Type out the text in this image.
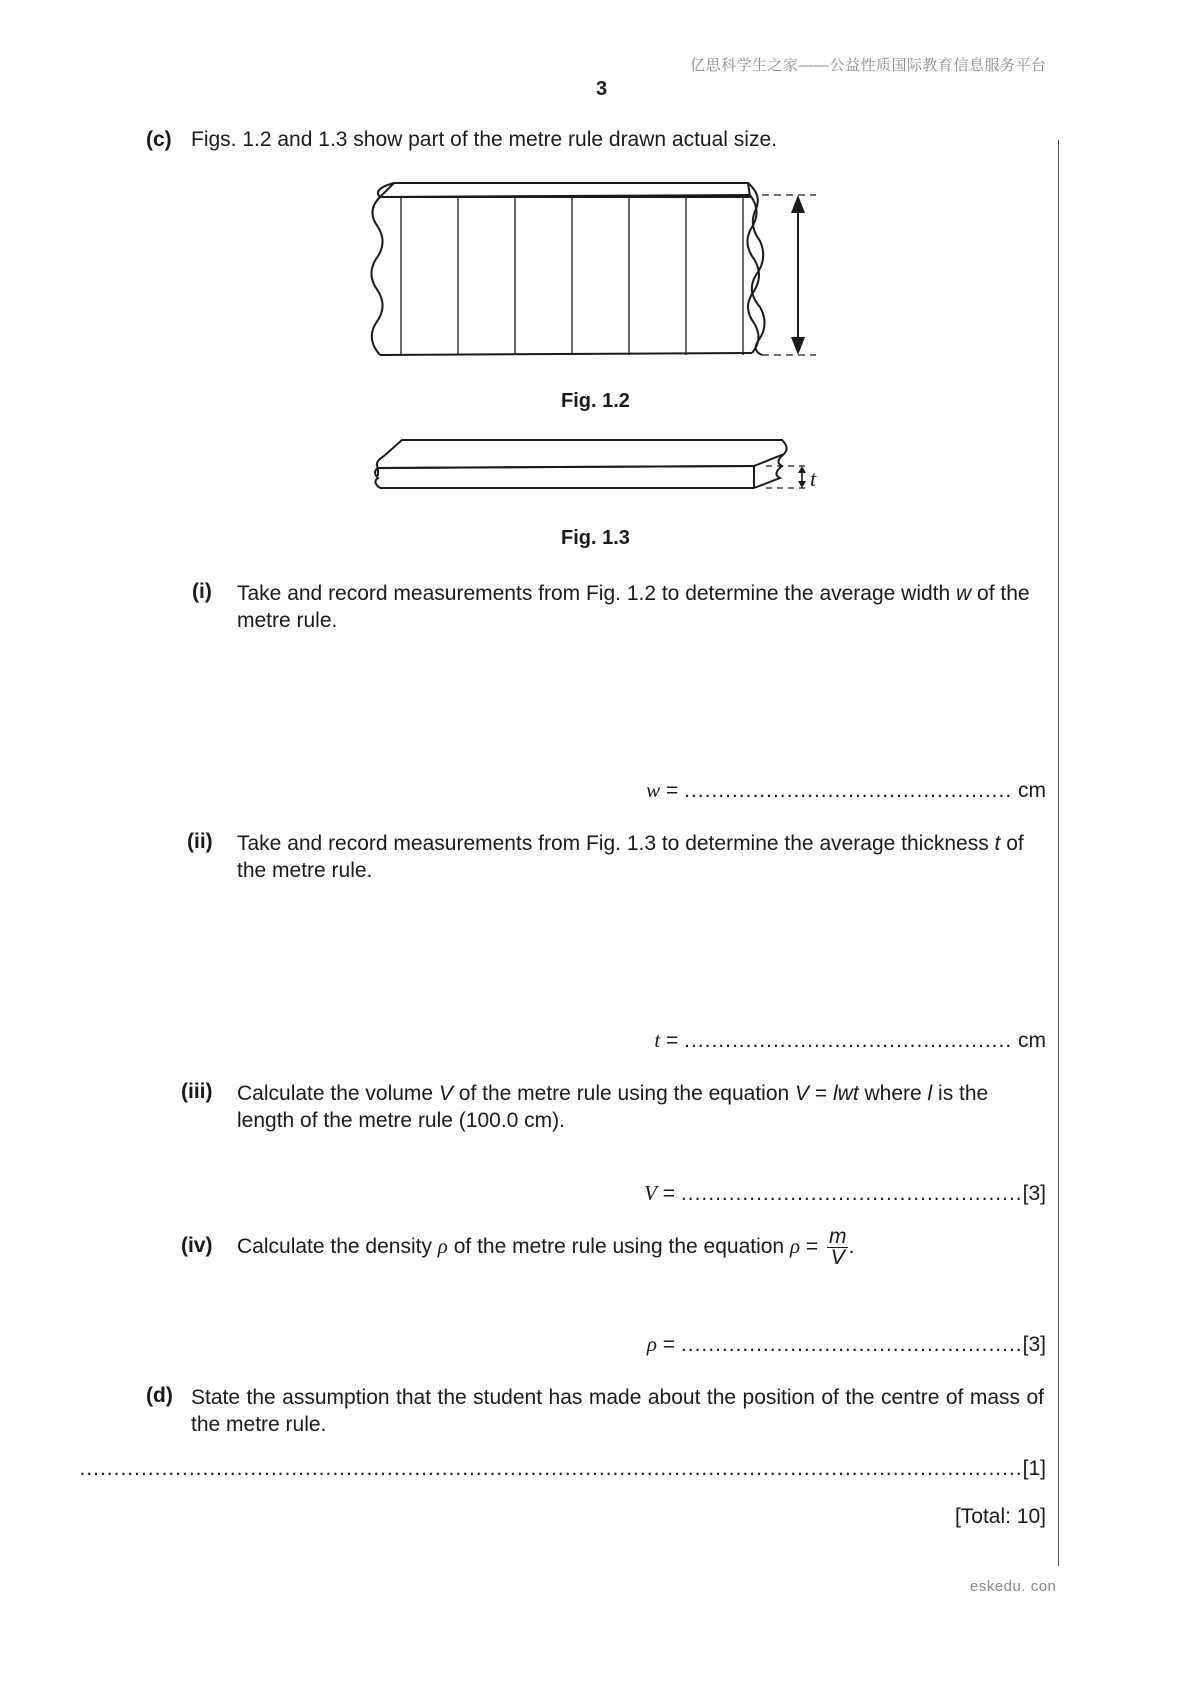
亿思科学生之家——公益性质国际教育信息服务平台
3
(c) Figs. 1.2 and 1.3 show part of the metre rule drawn actual size.
Fig. 1.2
t
Fig. 1.3
(i) Take and record measurements from Fig. 1.2 to determine the average width w of the metre rule.
w = ................................................ cm
(ii) Take and record measurements from Fig. 1.3 to determine the average thickness t of the metre rule.
t = ................................................ cm
(iii) Calculate the volume V of the metre rule using the equation V = lwt where l is the length of the metre rule (100.0 cm).
V = ..................................................[3]
(iv) Calculate the density ρ of the metre rule using the equation $\rho = \frac{m}{V}$ .
ρ = ..................................................[3]
(d) State the assumption that the student has made about the position of the centre of mass of the metre rule.
..........................................................................................................................................[1]
[Total: 10]
eskedu. con
